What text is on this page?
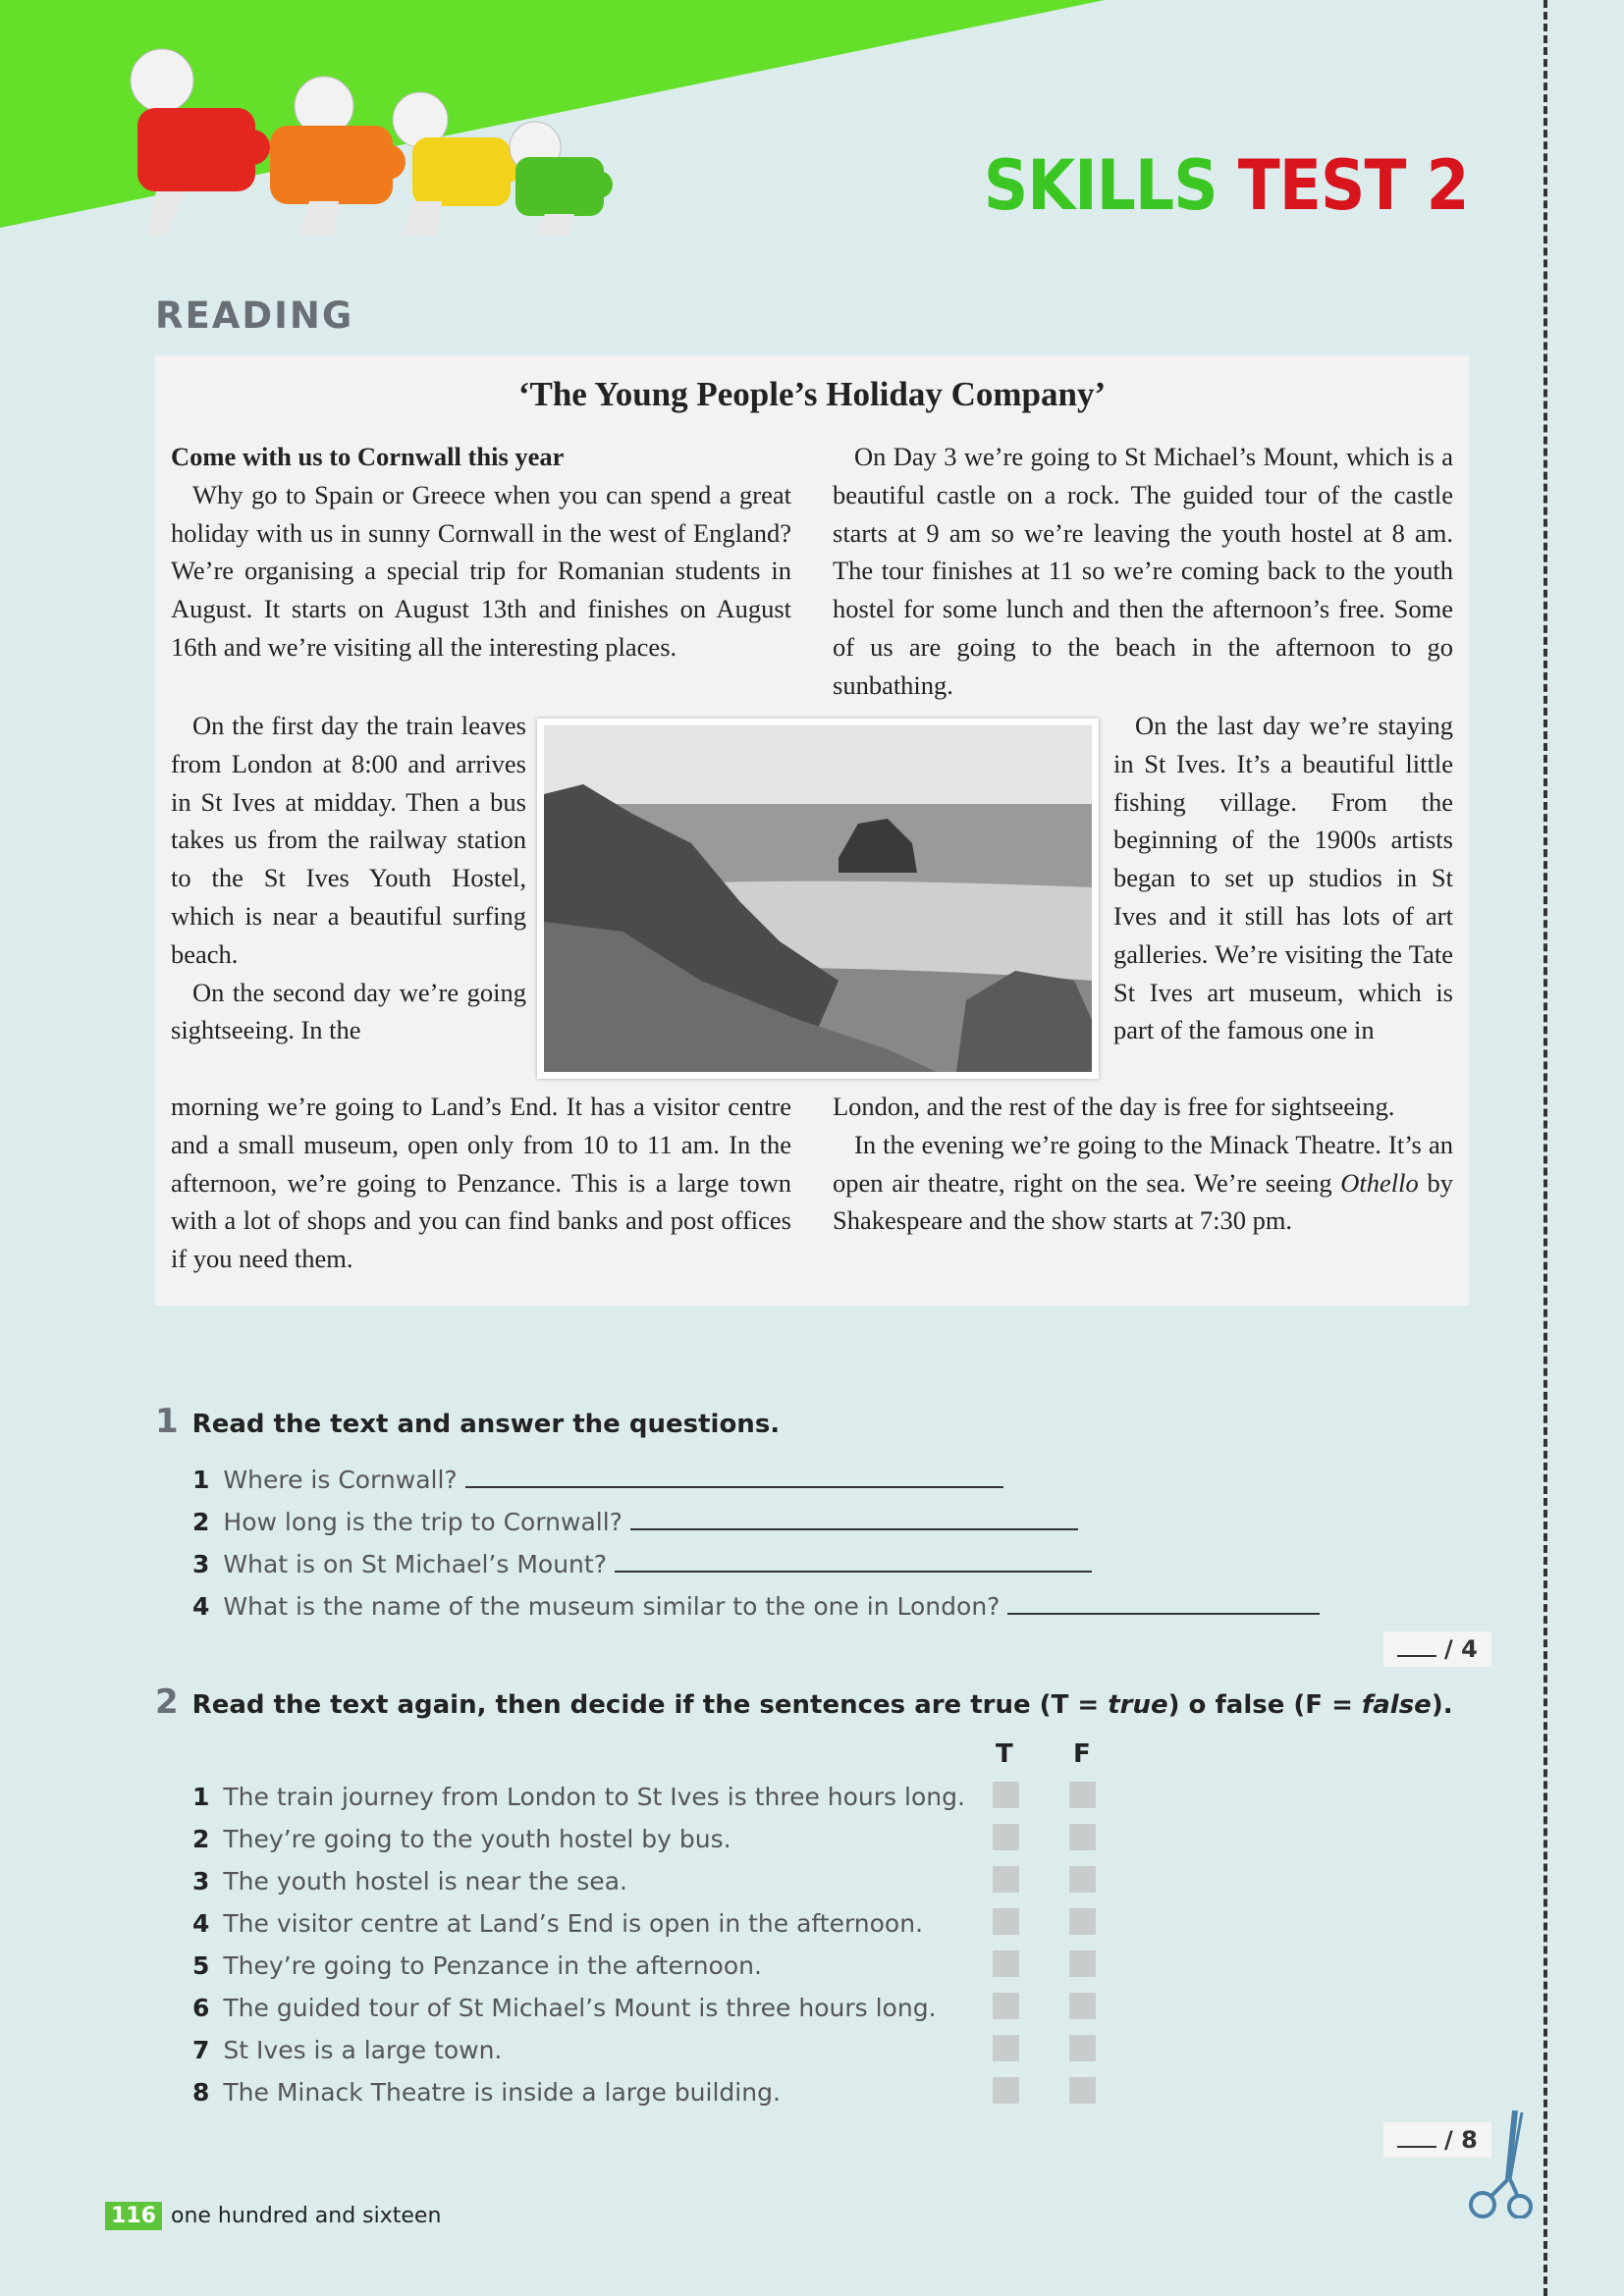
SKILLS TEST 2
READING
‘The Young People’s Holiday Company’
Come with us to Cornwall this year
Why go to Spain or Greece when you can spend a great holiday with us in sunny Cornwall in the west of England? We’re organising a special trip for Romanian students in August. It starts on August 13th and finishes on August 16th and we’re visiting all the interesting places.
On the first day the train leaves from London at 8:00 and arrives in St Ives at midday. Then a bus takes us from the railway station to the St Ives Youth Hostel, which is near a beautiful surfing beach.
On the second day we’re going sightseeing. In the
morning we’re going to Land’s End. It has a visitor centre and a small museum, open only from 10 to 11 am. In the afternoon, we’re going to Penzance. This is a large town with a lot of shops and you can find banks and post offices if you need them.
On Day 3 we’re going to St Michael’s Mount, which is a beautiful castle on a rock. The guided tour of the castle starts at 9 am so we’re leaving the youth hostel at 8 am. The tour finishes at 11 so we’re coming back to the youth hostel for some lunch and then the afternoon’s free. Some of us are going to the beach in the afternoon to go sunbathing.
On the last day we’re staying in St Ives. It’s a beautiful little fishing village. From the beginning of the 1900s artists began to set up studios in St Ives and it still has lots of art galleries. We’re visiting the Tate St Ives art museum, which is part of the famous one in
London, and the rest of the day is free for sightseeing.
In the evening we’re going to the Minack Theatre. It’s an open air theatre, right on the sea. We’re seeing Othello by Shakespeare and the show starts at 7:30 pm.
1 Read the text and answer the questions.
1 Where is Cornwall?
2 How long is the trip to Cornwall?
3 What is on St Michael’s Mount?
4 What is the name of the museum similar to the one in London?
/ 4
2 Read the text again, then decide if the sentences are true (T = true) o false (F = false).
T F
1 The train journey from London to St Ives is three hours long.
2 They’re going to the youth hostel by bus.
3 The youth hostel is near the sea.
4 The visitor centre at Land’s End is open in the afternoon.
5 They’re going to Penzance in the afternoon.
6 The guided tour of St Michael’s Mount is three hours long.
7 St Ives is a large town.
8 The Minack Theatre is inside a large building.
/ 8
116 one hundred and sixteen
